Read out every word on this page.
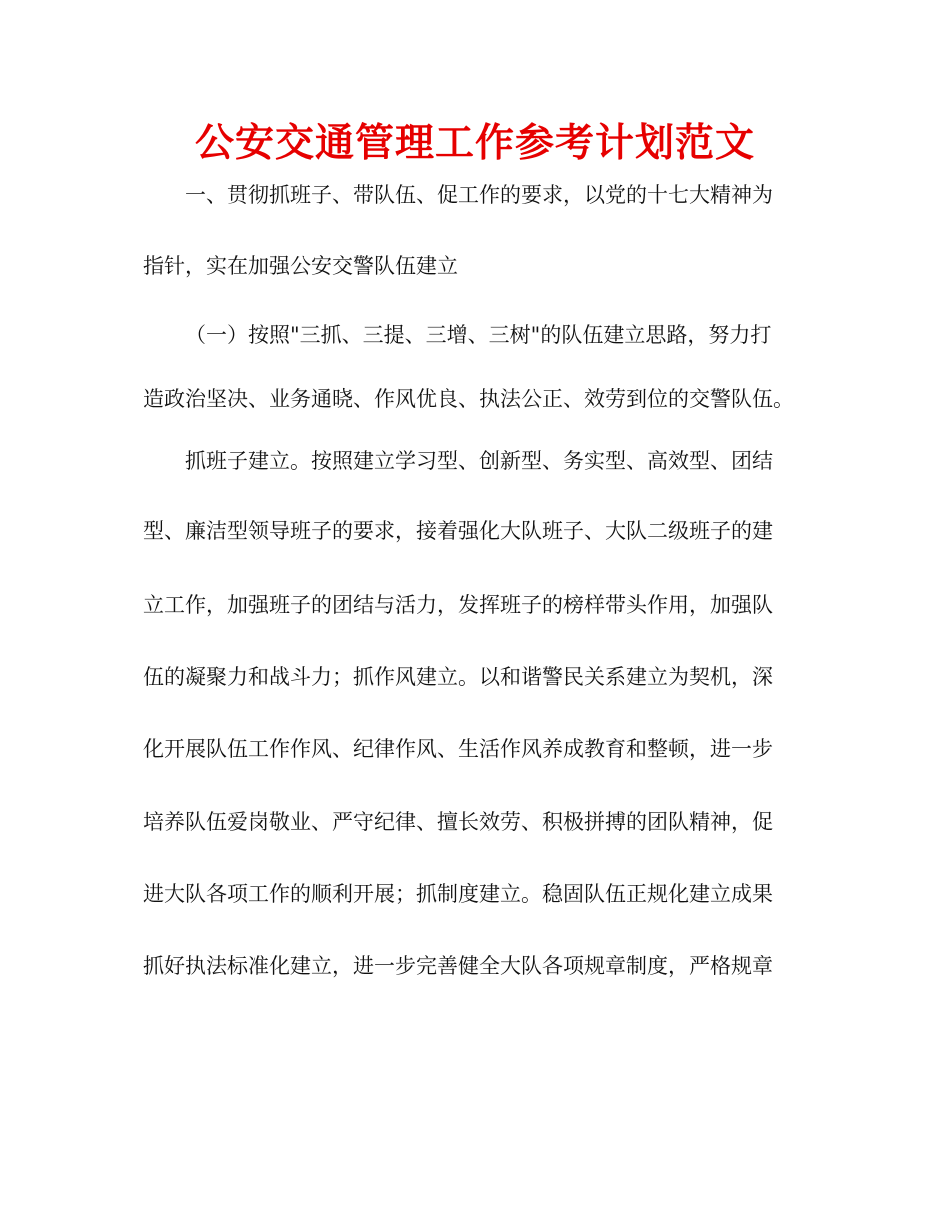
公安交通管理工作参考计划范文
一、贯彻抓班子、带队伍、促工作的要求，以党的十七大精神为
指针，实在加强公安交警队伍建立
（一）按照"三抓、三提、三增、三树"的队伍建立思路，努力打
造政治坚决、业务通晓、作风优良、执法公正、效劳到位的交警队伍。
抓班子建立。按照建立学习型、创新型、务实型、高效型、团结
型、廉洁型领导班子的要求，接着强化大队班子、大队二级班子的建
立工作，加强班子的团结与活力，发挥班子的榜样带头作用，加强队
伍的凝聚力和战斗力；抓作风建立。以和谐警民关系建立为契机，深
化开展队伍工作作风、纪律作风、生活作风养成教育和整顿，进一步
培养队伍爱岗敬业、严守纪律、擅长效劳、积极拼搏的团队精神，促
进大队各项工作的顺利开展；抓制度建立。稳固队伍正规化建立成果
抓好执法标准化建立，进一步完善健全大队各项规章制度，严格规章
